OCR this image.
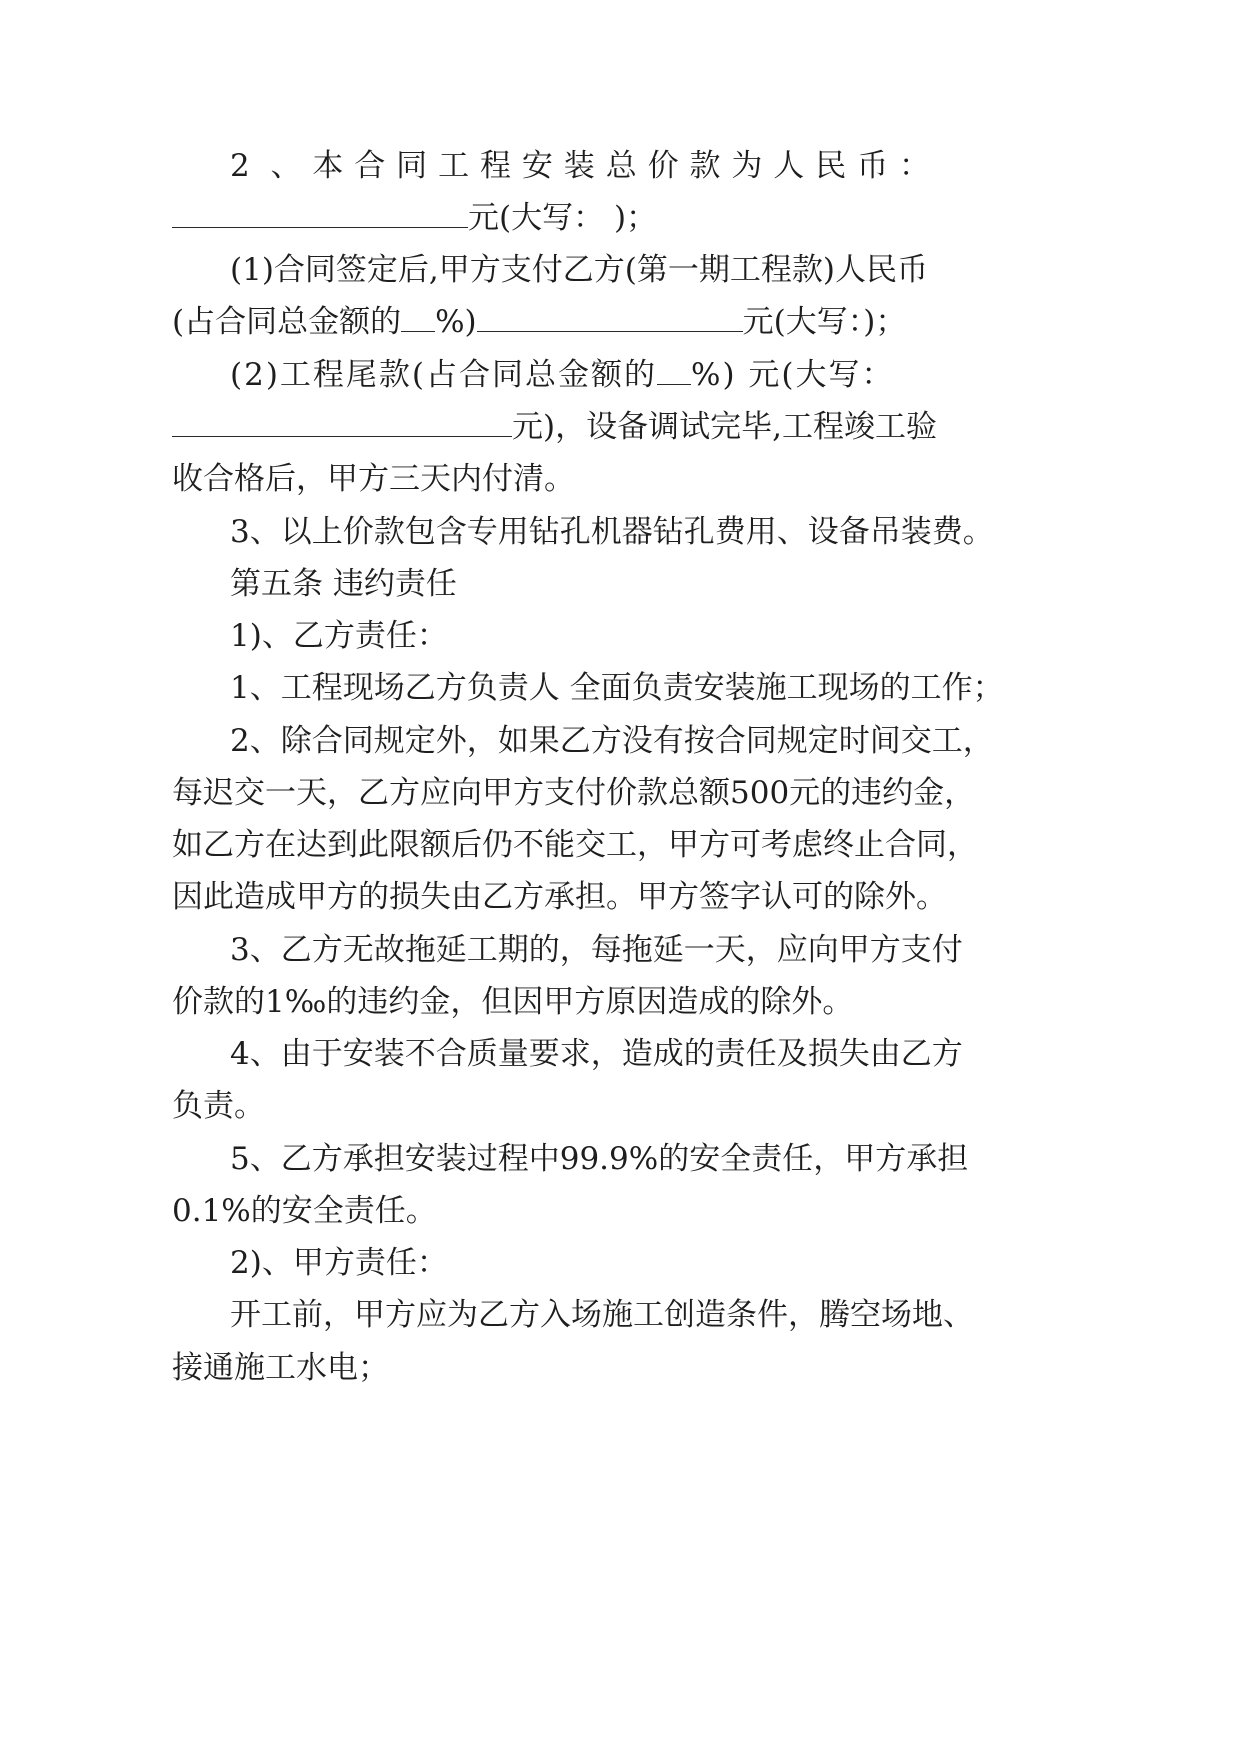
2 、本合同工程安装总价款为人民币：
元(大写： )；
(1)合同签定后,甲方支付乙方(第一期工程款)人民币
(占合同总金额的 %)	元(大写：)；
(2)工程尾款(占合同总金额的 %) 元(大写：
元)，设备调试完毕,工程竣工验
收合格后，甲方三天内付清。
3、以上价款包含专用钻孔机器钻孔费用、设备吊装费。
第五条 违约责任
1)、乙方责任：
1、工程现场乙方负责人 全面负责安装施工现场的工作；
2、除合同规定外，如果乙方没有按合同规定时间交工，
每迟交一天，乙方应向甲方支付价款总额500元的违约金，
如乙方在达到此限额后仍不能交工，甲方可考虑终止合同，
因此造成甲方的损失由乙方承担。甲方签字认可的除外。
3、乙方无故拖延工期的，每拖延一天，应向甲方支付
价款的1‰的违约金，但因甲方原因造成的除外。
4、由于安装不合质量要求，造成的责任及损失由乙方
负责。
5、乙方承担安装过程中99.9%的安全责任，甲方承担
0.1%的安全责任。
2)、甲方责任：
开工前，甲方应为乙方入场施工创造条件，腾空场地、
接通施工水电；
